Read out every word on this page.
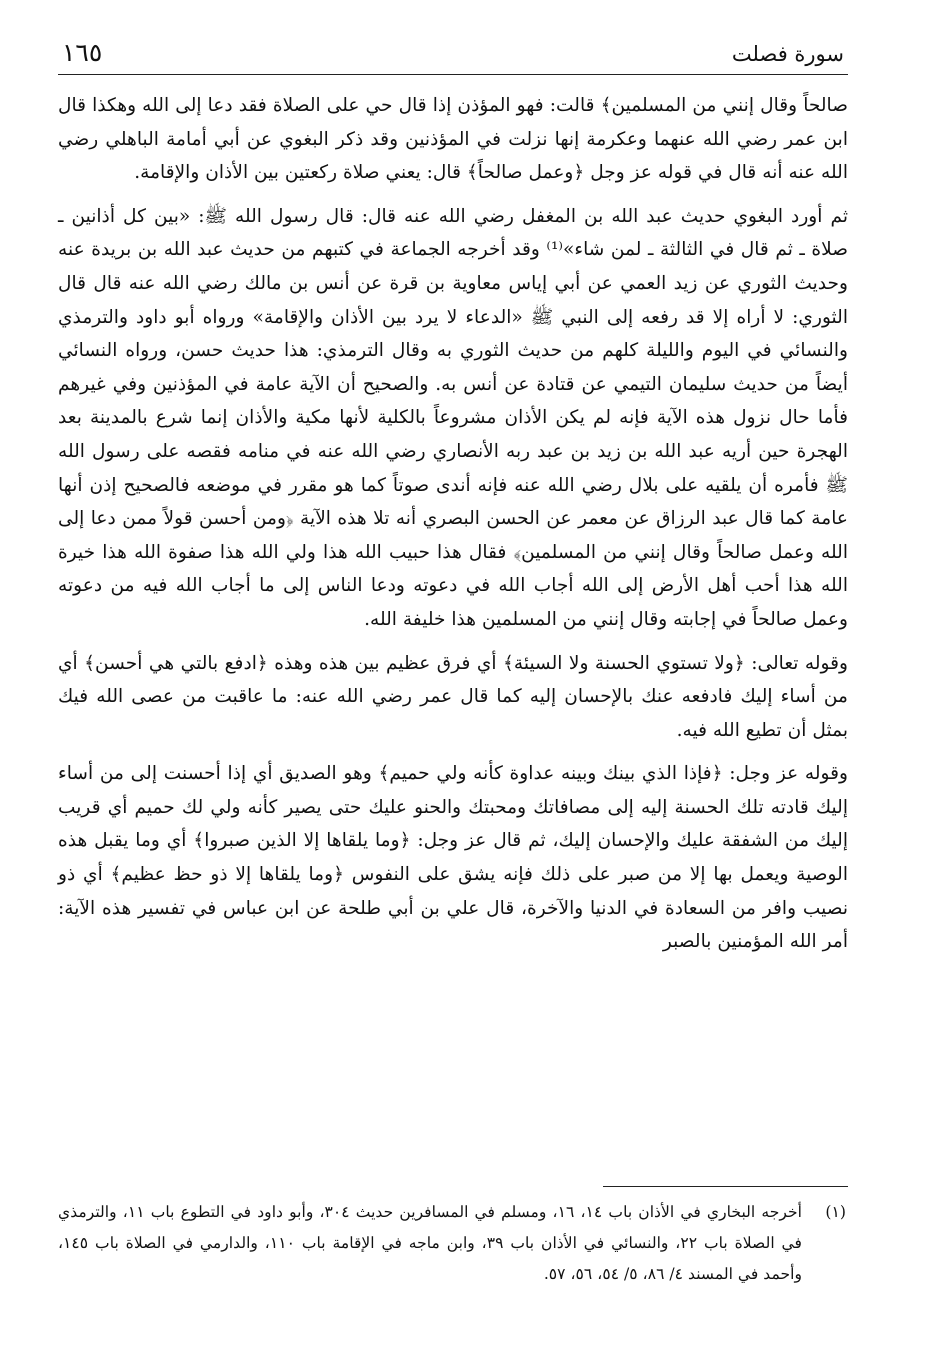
سورة فصلت
١٦٥

صالحاً وقال إنني من المسلمين﴾ قالت: فهو المؤذن إذا قال حي على الصلاة فقد دعا إلى الله وهكذا قال ابن عمر رضي الله عنهما وعكرمة إنها نزلت في المؤذنين وقد ذكر البغوي عن أبي أمامة الباهلي رضي الله عنه أنه قال في قوله عز وجل ﴿وعمل صالحاً﴾ قال: يعني صلاة ركعتين بين الأذان والإقامة.

ثم أورد البغوي حديث عبد الله بن المغفل رضي الله عنه قال: قال رسول الله ﷺ: «بين كل أذانين ـ صلاة ـ ثم قال في الثالثة ـ لمن شاء»⁽¹⁾ وقد أخرجه الجماعة في كتبهم من حديث عبد الله بن بريدة عنه وحديث الثوري عن زيد العمي عن أبي إياس معاوية بن قرة عن أنس بن مالك رضي الله عنه قال قال الثوري: لا أراه إلا قد رفعه إلى النبي ﷺ «الدعاء لا يرد بين الأذان والإقامة» ورواه أبو داود والترمذي والنسائي في اليوم والليلة كلهم من حديث الثوري به وقال الترمذي: هذا حديث حسن، ورواه النسائي أيضاً من حديث سليمان التيمي عن قتادة عن أنس به. والصحيح أن الآية عامة في المؤذنين وفي غيرهم فأما حال نزول هذه الآية فإنه لم يكن الأذان مشروعاً بالكلية لأنها مكية والأذان إنما شرع بالمدينة بعد الهجرة حين أريه عبد الله بن زيد بن عبد ربه الأنصاري رضي الله عنه في منامه فقصه على رسول الله ﷺ فأمره أن يلقيه على بلال رضي الله عنه فإنه أندى صوتاً كما هو مقرر في موضعه فالصحيح إذن أنها عامة كما قال عبد الرزاق عن معمر عن الحسن البصري أنه تلا هذه الآية ﴿ومن أحسن قولاً ممن دعا إلى الله وعمل صالحاً وقال إنني من المسلمين﴾ فقال هذا حبيب الله هذا ولي الله هذا صفوة الله هذا خيرة الله هذا أحب أهل الأرض إلى الله أجاب الله في دعوته ودعا الناس إلى ما أجاب الله فيه من دعوته وعمل صالحاً في إجابته وقال إنني من المسلمين هذا خليفة الله.

وقوله تعالى: ﴿ولا تستوي الحسنة ولا السيئة﴾ أي فرق عظيم بين هذه وهذه ﴿ادفع بالتي هي أحسن﴾ أي من أساء إليك فادفعه عنك بالإحسان إليه كما قال عمر رضي الله عنه: ما عاقبت من عصى الله فيك بمثل أن تطيع الله فيه.

وقوله عز وجل: ﴿فإذا الذي بينك وبينه عداوة كأنه ولي حميم﴾ وهو الصديق أي إذا أحسنت إلى من أساء إليك قادته تلك الحسنة إليه إلى مصافاتك ومحبتك والحنو عليك حتى يصير كأنه ولي لك حميم أي قريب إليك من الشفقة عليك والإحسان إليك، ثم قال عز وجل: ﴿وما يلقاها إلا الذين صبروا﴾ أي وما يقبل هذه الوصية ويعمل بها إلا من صبر على ذلك فإنه يشق على النفوس ﴿وما يلقاها إلا ذو حظ عظيم﴾ أي ذو نصيب وافر من السعادة في الدنيا والآخرة، قال علي بن أبي طلحة عن ابن عباس في تفسير هذه الآية: أمر الله المؤمنين بالصبر

(١)
أخرجه البخاري في الأذان باب ١٤، ١٦، ومسلم في المسافرين حديث ٣٠٤، وأبو داود في التطوع باب ١١، والترمذي في الصلاة باب ٢٢، والنسائي في الأذان باب ٣٩، وابن ماجه في الإقامة باب ١١٠، والدارمي في الصلاة باب ١٤٥، وأحمد في المسند ٤/ ٨٦، ٥/ ٥٤، ٥٦، ٥٧.
